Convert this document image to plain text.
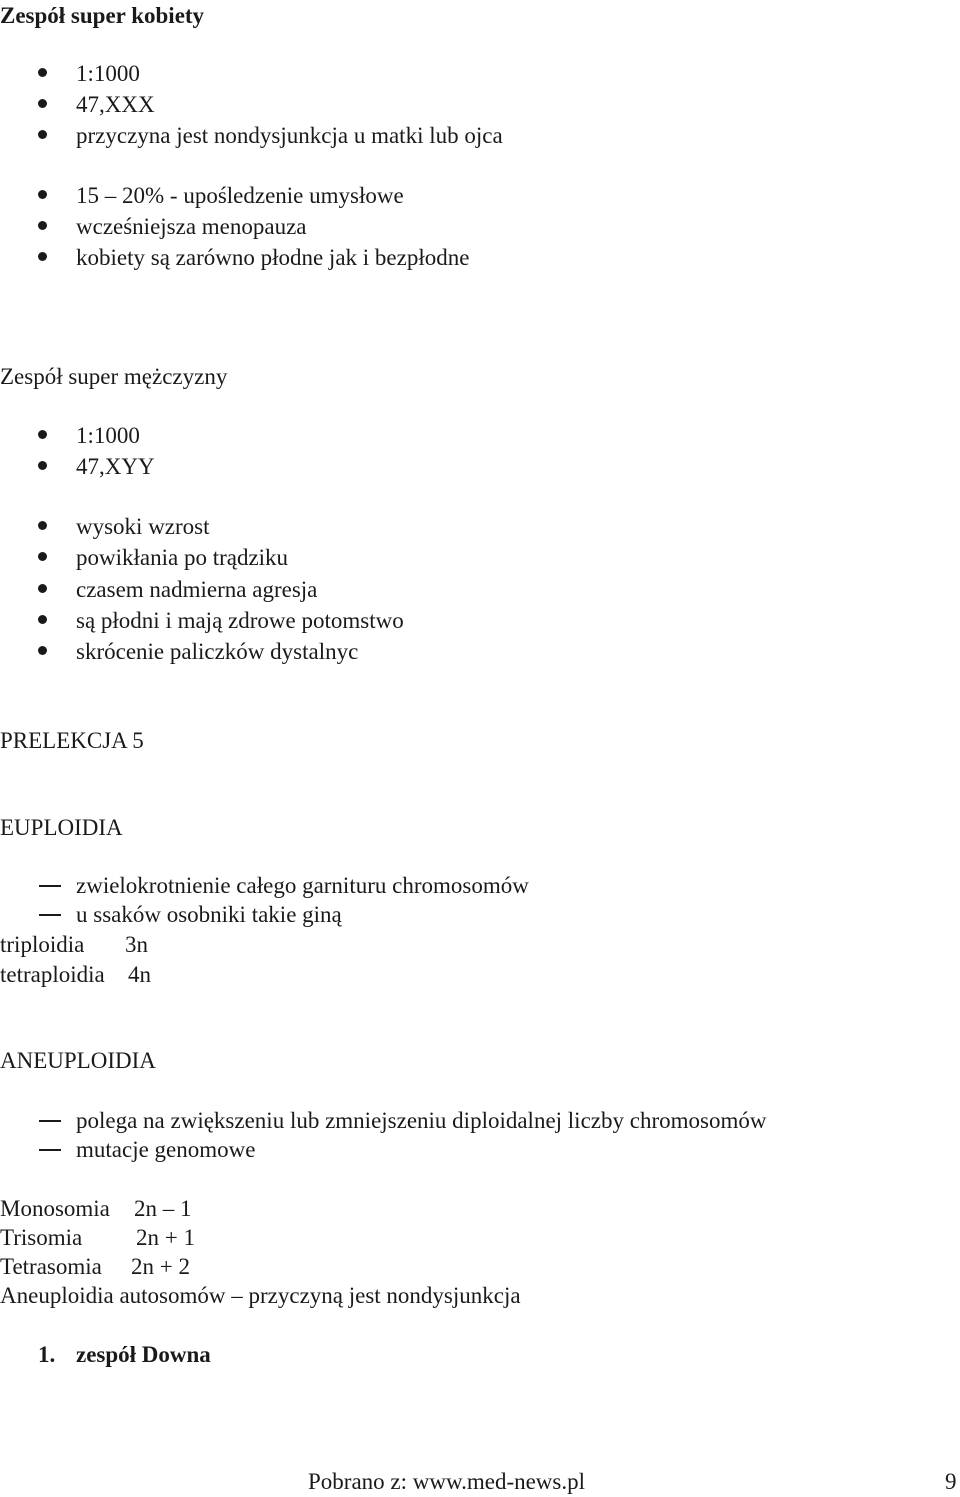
Zespół super kobiety
1:1000
47,XXX
przyczyna jest nondysjunkcja u matki lub ojca
15 – 20% - upośledzenie umysłowe
wcześniejsza menopauza
kobiety są zarówno płodne jak i bezpłodne
Zespół super mężczyzny
1:1000
47,XYY
wysoki wzrost
powikłania po trądziku
czasem nadmierna agresja
są płodni i mają zdrowe potomstwo
skrócenie paliczków dystalnyc
PRELEKCJA 5
EUPLOIDIA
zwielokrotnienie całego garnituru chromosomów
u ssaków osobniki takie giną
triploidia 3n
tetraploidia 4n
ANEUPLOIDIA
polega na zwiększeniu lub zmniejszeniu diploidalnej liczby chromosomów
mutacje genomowe
Monosomia 2n – 1
Trisomia 2n + 1
Tetrasomia 2n + 2
Aneuploidia autosomów – przyczyną jest nondysjunkcja
1. zespół Downa
Pobrano z: www.med-news.pl	9
